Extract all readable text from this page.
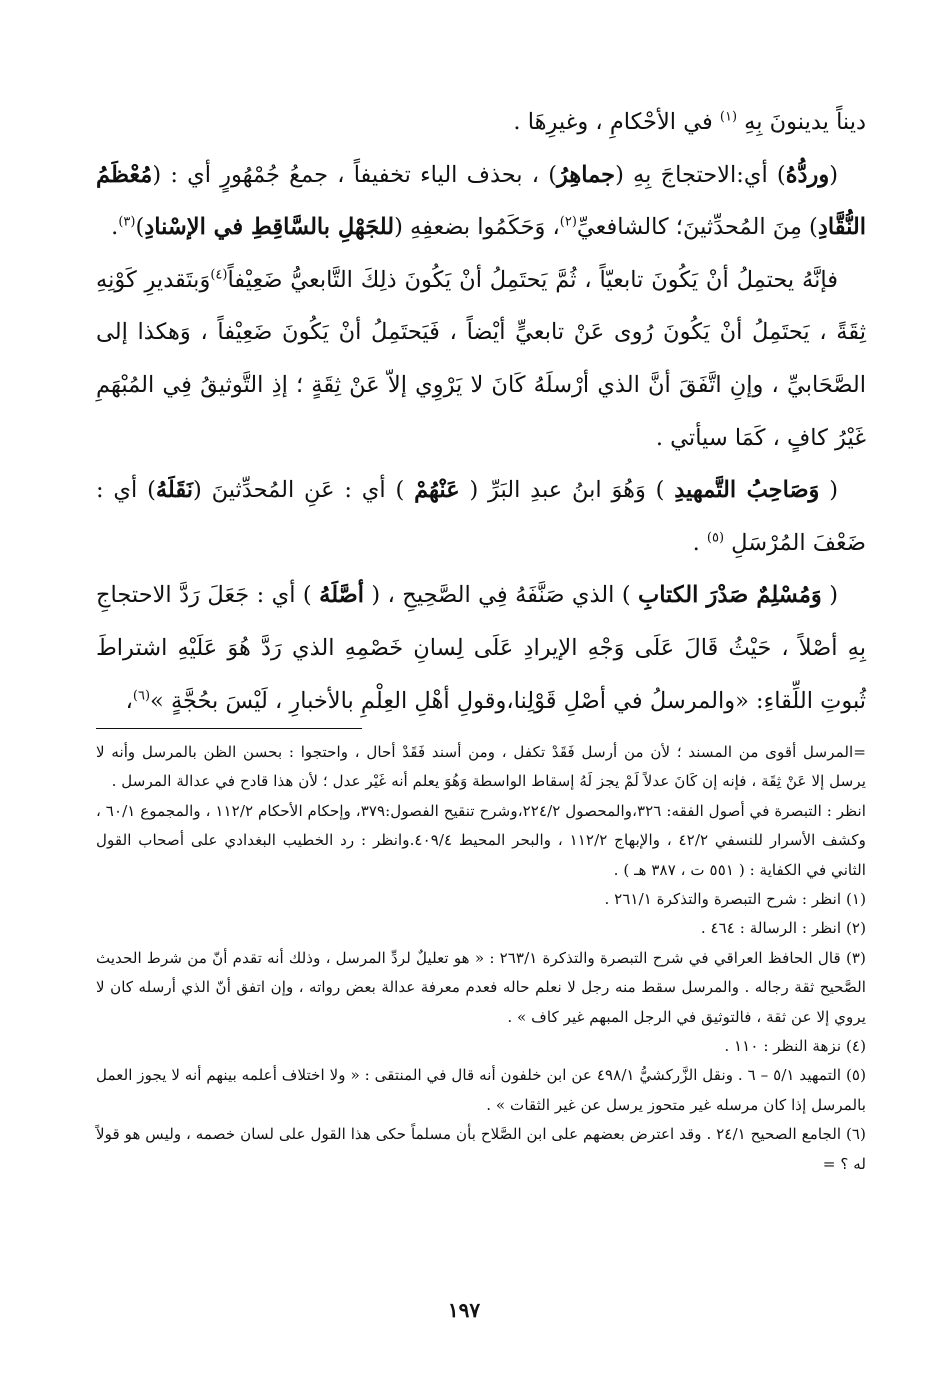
ديناً يدينونَ بِهِ $^{(١)}$ في الأحْكامِ ، وغيرِهَا .

(وردُّهُ) أي:الاحتجاجَ بِهِ (جماهِرُ) ، بحذف الياء تخفيفاً ، جمعُ جُمْهُورٍ أي : (مُعْظَمُ النُّقَّادِ) مِنَ المُحدِّثينَ؛ كالشافعيِّ$^{(٢)}$، وَحَكَمُوا بضعفِهِ (للجَهْلِ بالسَّاقِطِ في الإسْنادِ)$^{(٣)}$.

فإنَّهُ يحتمِلُ أنْ يَكُونَ تابعيّاً ، ثُمَّ يَحتَمِلُ أنْ يَكُونَ ذلِكَ التَّابعيُّ ضَعِيْفاً$^{(٤)}$وَبتَقديرِ كَوْنِهِ ثِقَةً ، يَحتَمِلُ أنْ يَكُونَ رُوى عَنْ تابعيٍّ أيْضاً ، فَيَحتَمِلُ أنْ يَكُونَ ضَعِيْفاً ، وَهكذا إلى الصَّحَابيِّ ، وإنِ اتَّفَقَ أنَّ الذي أرْسلَهُ كَانَ لا يَرْوِي إلاّ عَنْ ثِقَةٍ ؛ إذِ التَّوثيقُ فِي المُبْهَمِ غَيْرُ كافٍ ، كَمَا سيأتي .

( وَصَاحِبُ التَّمهيدِ ) وَهُوَ ابنُ عبدِ البَرِّ ( عَنْهُمْ ) أي : عَنِ المُحدِّثينَ (نَقَلَهُ) أي : ضَعْفَ المُرْسَلِ $^{(٥)}$ .

( وَمُسْلِمٌ صَدْرَ الكتابِ ) الذي صَنَّفَهُ فِي الصَّحِيحِ ، ( أصَّلَهُ ) أي : جَعَلَ رَدَّ الاحتجاجِ بِهِ أصْلاً ، حَيْثُ قَالَ عَلَى وَجْهِ الإيرادِ عَلَى لِسانِ خَصْمِهِ الذي رَدَّ هُوَ عَلَيْهِ اشتراطَ ثُبوتِ اللِّقاءِ: «والمرسلُ في أصْلِ قَوْلِنا،وقولِ أهْلِ العِلْمِ بالأخبارِ ، لَيْسَ بحُجَّةٍ »$^{(٦)}$،

=المرسل أقوى من المسند ؛ لأن من أرسل فَقَدْ تكفل ، ومن أسند فَقَدْ أحال ، واحتجوا : بحسن الظن بالمرسل وأنه لا يرسل إلا عَنْ ثِقَة ، فإنه إن كَانَ عدلاً لَمْ يجز لَهُ إسقاط الواسطة وَهُوَ يعلم أنه غَيْر عدل ؛ لأن هذا قادح في عدالة المرسل .

انظر : التبصرة في أصول الفقه: ٣٢٦،والمحصول ٢٢٤/٢،وشرح تنقيح الفصول:٣٧٩، وإحكام الأحكام ١١٢/٢ ، والمجموع ٦٠/١ ، وكشف الأسرار للنسفي ٤٢/٢ ، والإبهاج ١١٢/٢ ، والبحر المحيط ٤٠٩/٤.وانظر : رد الخطيب البغدادي على أصحاب القول الثاني في الكفاية : ( ٥٥١ ت ، ٣٨٧ هـ ) .

(١) انظر : شرح التبصرة والتذكرة ٢٦١/١ .

(٢) انظر : الرسالة : ٤٦٤ .

(٣) قال الحافظ العراقي في شرح التبصرة والتذكرة ٢٦٣/١ : « هو تعليلٌ لردِّ المرسل ، وذلك أنه تقدم أنّ من شرط الحديث الصَّحيح ثقة رجاله . والمرسل سقط منه رجل لا نعلم حاله فعدم معرفة عدالة بعض رواته ، وإن اتفق أنّ الذي أرسله كان لا يروي إلا عن ثقة ، فالتوثيق في الرجل المبهم غير كاف » .

(٤) نزهة النظر : ١١٠ .

(٥) التمهيد ٥/١ – ٦ . ونقل الزَّركشيُّ ٤٩٨/١ عن ابن خلفون أنه قال في المنتقى : « ولا اختلاف أعلمه بينهم أنه لا يجوز العمل بالمرسل إذا كان مرسله غير متحوز يرسل عن غير الثقات » .

(٦) الجامع الصحيح ٢٤/١ . وقد اعترض بعضهم على ابن الصَّلاح بأن مسلماً حكى هذا القول على لسان خصمه ، وليس هو قولاً له ؟ =

١٩٧
